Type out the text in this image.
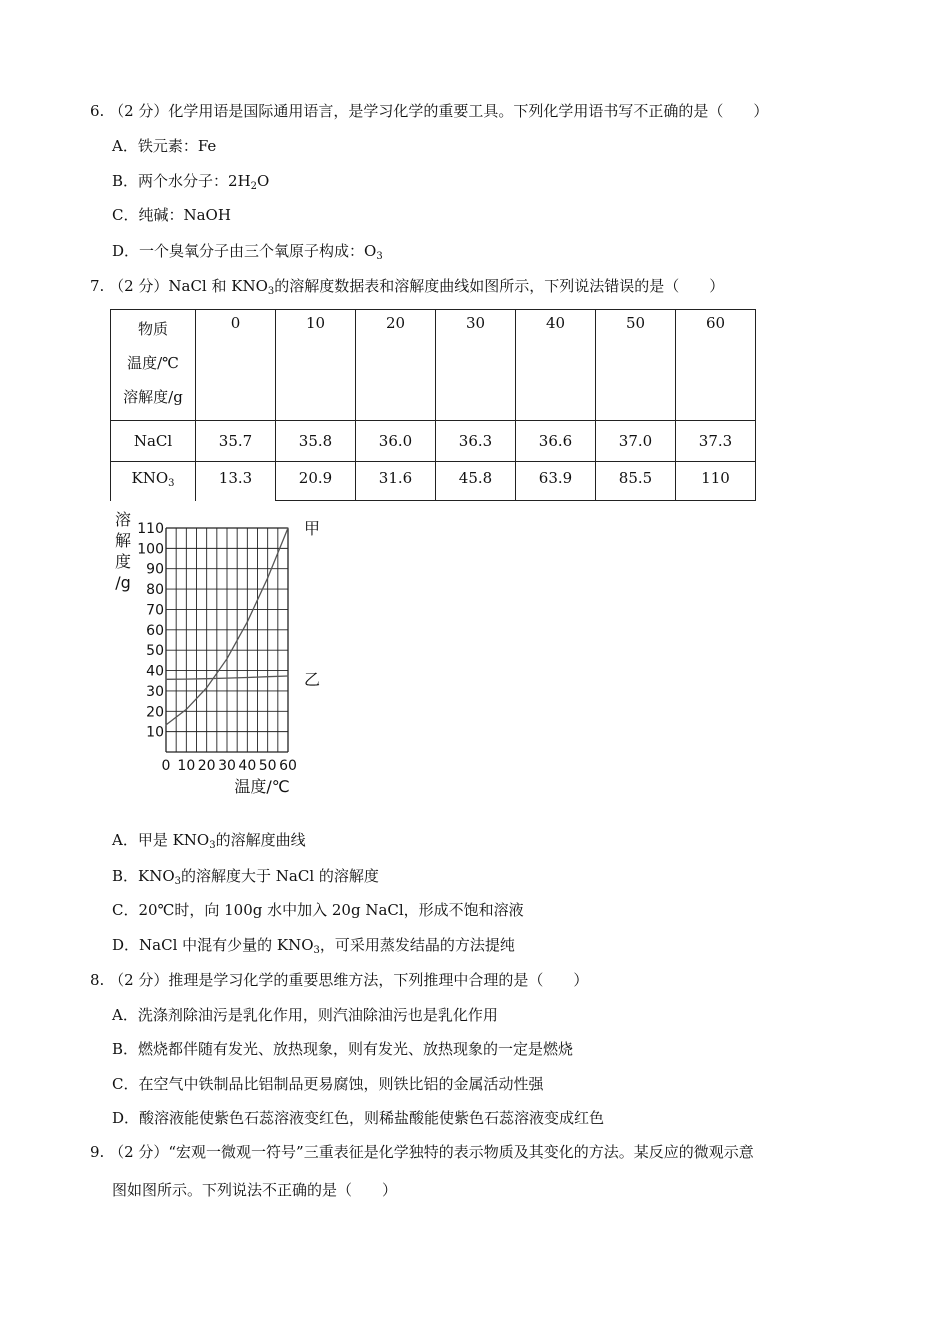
6. （2 分）化学用语是国际通用语言，是学习化学的重要工具。下列化学用语书写不正确的是（　　）
A．铁元素：Fe
B．两个水分子：$2H_2O$
C．纯碱：NaOH
D．一个臭氧分子由三个氧原子构成：$O_3$
7. （2 分）NaCl 和 $KNO_3$的溶解度数据表和溶解度曲线如图所示，下列说法错误的是（　　）
物质
温度/℃
溶解度/g	0	10	20	30	40	50	60
NaCl	35.7	35.8	36.0	36.3	36.6	37.0	37.3
$KNO_3$	13.3	20.9	31.6	45.8	63.9	85.5	110
10
20
30
40
50
60
70
80
90
100
110
0 10 20 30 40 50 60
溶
解
度
/g
温度/℃
甲
乙
A．甲是 $KNO_3$的溶解度曲线
B．$KNO_3$的溶解度大于 NaCl 的溶解度
C．20℃时，向 100g 水中加入 20g NaCl，形成不饱和溶液
D．NaCl 中混有少量的 $KNO_3$，可采用蒸发结晶的方法提纯
8. （2 分）推理是学习化学的重要思维方法，下列推理中合理的是（　　）
A．洗涤剂除油污是乳化作用，则汽油除油污也是乳化作用
B．燃烧都伴随有发光、放热现象，则有发光、放热现象的一定是燃烧
C．在空气中铁制品比铝制品更易腐蚀，则铁比铝的金属活动性强
D．酸溶液能使紫色石蕊溶液变红色，则稀盐酸能使紫色石蕊溶液变成红色
9. （2 分）“宏观一微观一符号”三重表征是化学独特的表示物质及其变化的方法。某反应的微观示意
图如图所示。下列说法不正确的是（　　）
